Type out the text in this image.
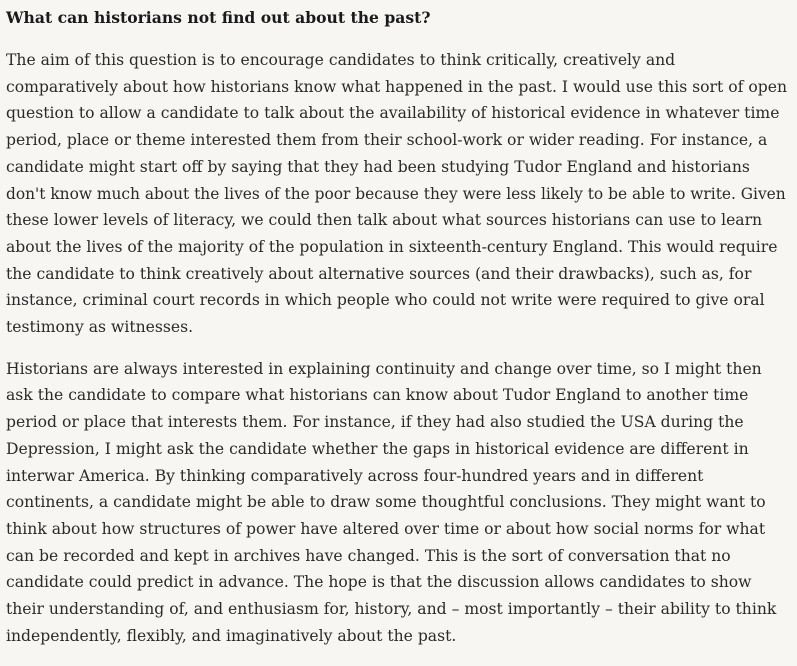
What can historians not find out about the past?

The aim of this question is to encourage candidates to think critically, creatively and
comparatively about how historians know what happened in the past. I would use this sort of open
question to allow a candidate to talk about the availability of historical evidence in whatever time
period, place or theme interested them from their school-work or wider reading. For instance, a
candidate might start off by saying that they had been studying Tudor England and historians
don't know much about the lives of the poor because they were less likely to be able to write. Given
these lower levels of literacy, we could then talk about what sources historians can use to learn
about the lives of the majority of the population in sixteenth-century England. This would require
the candidate to think creatively about alternative sources (and their drawbacks), such as, for
instance, criminal court records in which people who could not write were required to give oral
testimony as witnesses.

Historians are always interested in explaining continuity and change over time, so I might then
ask the candidate to compare what historians can know about Tudor England to another time
period or place that interests them. For instance, if they had also studied the USA during the
Depression, I might ask the candidate whether the gaps in historical evidence are different in
interwar America. By thinking comparatively across four-hundred years and in different
continents, a candidate might be able to draw some thoughtful conclusions. They might want to
think about how structures of power have altered over time or about how social norms for what
can be recorded and kept in archives have changed. This is the sort of conversation that no
candidate could predict in advance. The hope is that the discussion allows candidates to show
their understanding of, and enthusiasm for, history, and – most importantly – their ability to think
independently, flexibly, and imaginatively about the past.
